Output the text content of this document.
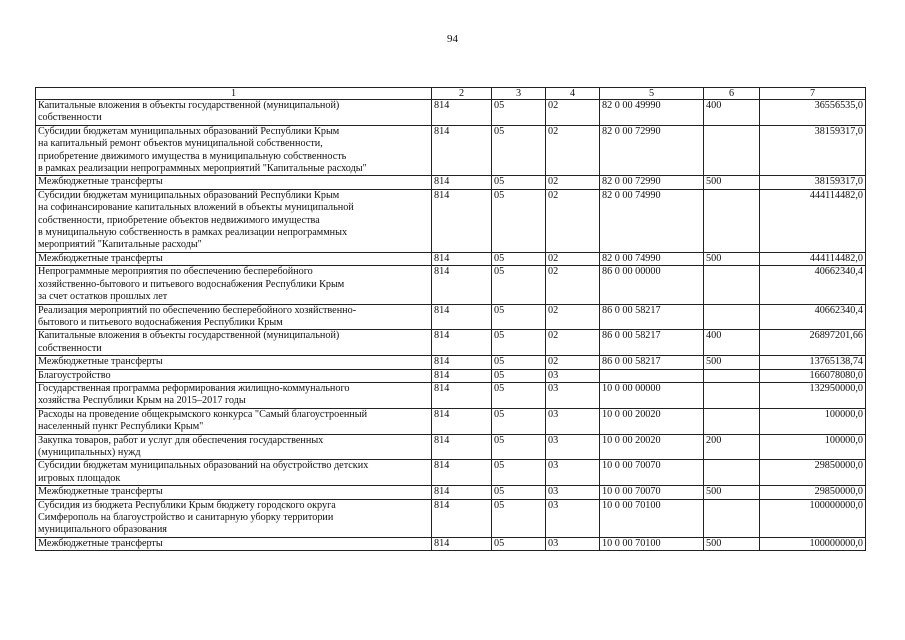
94
1	2	3	4	5	6	7
Капитальные вложения в объекты государственной (муниципальной)
собственности	814	05	02	82 0 00 49990	400	36556535,0
Субсидии бюджетам муниципальных образований Республики Крым
на капитальный ремонт объектов муниципальной собственности,
приобретение движимого имущества в муниципальную собственность
в рамках реализации непрограммных мероприятий "Капитальные расходы"	814	05	02	82 0 00 72990		38159317,0
Межбюджетные трансферты	814	05	02	82 0 00 72990	500	38159317,0
Субсидии бюджетам муниципальных образований Республики Крым
на софинансирование капитальных вложений в объекты муниципальной
собственности, приобретение объектов недвижимого имущества
в муниципальную собственность в рамках реализации непрограммных
мероприятий "Капитальные расходы"	814	05	02	82 0 00 74990		444114482,0
Межбюджетные трансферты	814	05	02	82 0 00 74990	500	444114482,0
Непрограммные мероприятия по обеспечению бесперебойного
хозяйственно-бытового и питьевого водоснабжения Республики Крым
за счет остатков прошлых лет	814	05	02	86 0 00 00000		40662340,4
Реализация мероприятий по обеспечению бесперебойного хозяйственно-
бытового и питьевого водоснабжения Республики Крым	814	05	02	86 0 00 58217		40662340,4
Капитальные вложения в объекты государственной (муниципальной)
собственности	814	05	02	86 0 00 58217	400	26897201,66
Межбюджетные трансферты	814	05	02	86 0 00 58217	500	13765138,74
Благоустройство	814	05	03			166078080,0
Государственная программа реформирования жилищно-коммунального
хозяйства Республики Крым на 2015–2017 годы	814	05	03	10 0 00 00000		132950000,0
Расходы на проведение общекрымского конкурса "Самый благоустроенный
населенный пункт Республики Крым"	814	05	03	10 0 00 20020		100000,0
Закупка товаров, работ и услуг для обеспечения государственных
(муниципальных) нужд	814	05	03	10 0 00 20020	200	100000,0
Субсидии бюджетам муниципальных образований на обустройство детских
игровых площадок	814	05	03	10 0 00 70070		29850000,0
Межбюджетные трансферты	814	05	03	10 0 00 70070	500	29850000,0
Субсидия из бюджета Республики Крым бюджету городского округа
Симферополь на благоустройство и санитарную уборку территории
муниципального образования	814	05	03	10 0 00 70100		100000000,0
Межбюджетные трансферты	814	05	03	10 0 00 70100	500	100000000,0
